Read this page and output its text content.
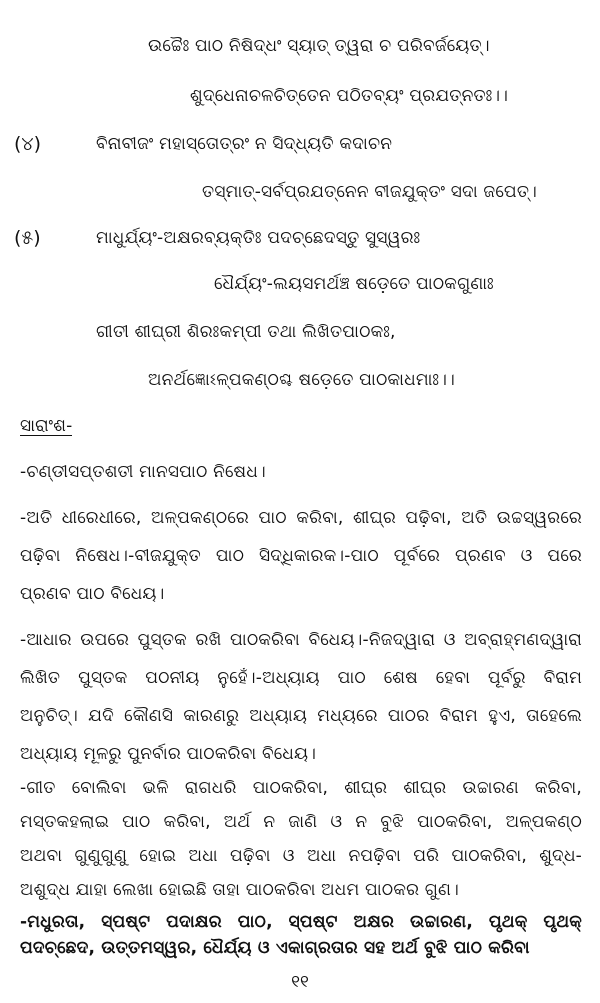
ଉଚ୍ଚୈଃ ପାଠ ନିଷିଦ୍ଧଂ ସ୍ୟାତ୍ ତ୍ୱରା ଚ ପରିବର୍ଜୟେତ୍।
ଶୁଦ୍ଧେନାଚଳଚିତ୍ତେନ ପଠିତବ୍ୟଂ ପ୍ରଯତ୍ନତଃ।।
(୪)	ବିନାବୀଜଂ ମହାସ୍ତୋତ୍ରଂ ନ ସିଦ୍ଧ୍ୟତି କଦାଚନ
ତସ୍ମାତ୍-ସର୍ବପ୍ରଯତ୍ନେନ ବୀଜଯୁକ୍ତଂ ସଦା ଜପେତ୍।
(୫)	ମାଧୁର୍ଯ୍ୟଂ-ଅକ୍ଷରବ୍ୟକ୍ତିଃ ପଦଚ୍ଛେଦସ୍ତୁ ସୁସ୍ୱରଃ
ଧୈର୍ଯ୍ୟଂ-ଲୟସମର୍ଥଞ୍ଚ ଷଡ଼େତେ ପାଠକଗୁଣାଃ
ଗୀତୀ ଶୀଘ୍ରୀ ଶିରଃକମ୍ପୀ ତଥା ଲିଖିତପାଠକଃ,
ଅନର୍ଥଜ୍ଞୋଽଳ୍ପକଣ୍ଠଶ୍ଚ ଷଡ଼େତେ ପାଠକାଧମାଃ।।
ସାରାଂଶ-
-ଚଣ୍ଡୀସପ୍ତଶତୀ ମାନସପାଠ ନିଷେଧ।
-ଅତି ଧୀରେଧୀରେ, ଅଳ୍ପକଣ୍ଠରେ ପାଠ କରିବା, ଶୀଘ୍ର ପଢ଼ିବା, ଅତି ଉଚ୍ଚସ୍ୱରରେ
ପଢ଼ିବା ନିଷେଧ।-ବୀଜଯୁକ୍ତ ପାଠ ସିଦ୍ଧିକାରକ।-ପାଠ ପୂର୍ବରେ ପ୍ରଣବ ଓ ପରେ
ପ୍ରଣବ ପାଠ ବିଧେୟ।
-ଆଧାର ଉପରେ ପୁସ୍ତକ ରଖି ପାଠକରିବା ବିଧେୟ।-ନିଜଦ୍ୱାରା ଓ ଅବ୍ରାହ୍ମଣଦ୍ୱାରା
ଲିଖିତ ପୁସ୍ତକ ପଠନୀୟ ନୁହେଁ।-ଅଧ୍ୟାୟ ପାଠ ଶେଷ ହେବା ପୂର୍ବରୁ ବିରାମ
ଅନୁଚିତ୍। ଯଦି କୌଣସି କାରଣରୁ ଅଧ୍ୟାୟ ମଧ୍ୟରେ ପାଠର ବିରାମ ହୁଏ, ତାହେଲେ
ଅଧ୍ୟାୟ ମୂଳରୁ ପୁନର୍ବାର ପାଠକରିବା ବିଧେୟ।
-ଗୀତ ବୋଲିବା ଭଳି ରାଗଧରି ପାଠକରିବା, ଶୀଘ୍ର ଶୀଘ୍ର ଉଚ୍ଚାରଣ କରିବା,
ମସ୍ତକହଲାଇ ପାଠ କରିବା, ଅର୍ଥ ନ ଜାଣି ଓ ନ ବୁଝି ପାଠକରିବା, ଅଳ୍ପକଣ୍ଠ
ଅଥବା ଗୁଣୁଗୁଣୁ ହୋଇ ଅଧା ପଢ଼ିବା ଓ ଅଧା ନପଢ଼ିବା ପରି ପାଠକରିବା, ଶୁଦ୍ଧ-
ଅଶୁଦ୍ଧ ଯାହା ଲେଖା ହୋଇଛି ତାହା ପାଠକରିବା ଅଧମ ପାଠକର ଗୁଣ।
୧୧
-ମଧୁରତା, ସ୍ପଷ୍ଟ ପଦାକ୍ଷର ପାଠ, ସ୍ପଷ୍ଟ ଅକ୍ଷର ଉଚ୍ଚାରଣ, ପୃଥକ୍ ପୃଥକ୍
ପଦଚ୍ଛେଦ, ଉତ୍ତମସ୍ୱର, ଧୈର୍ଯ୍ୟ ଓ ଏକାଗ୍ରତାର ସହ ଅର୍ଥ ବୁଝି ପାଠ କରିବା
